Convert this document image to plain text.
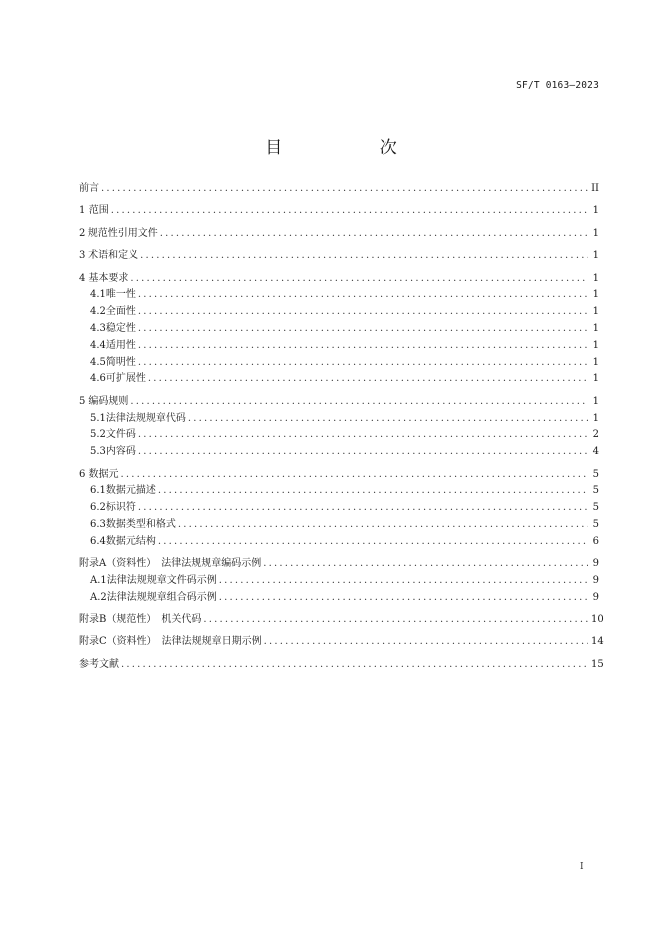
SF/T 0163—2023
目 次
前言 .....	II
1 范围 .....	1
2 规范性引用文件 .....	1
3 术语和定义 .....	1
4 基本要求 .....	1
4.1 唯一性 .....	1
4.2 全面性 .....	1
4.3 稳定性 .....	1
4.4 适用性 .....	1
4.5 简明性 .....	1
4.6 可扩展性 .....	1
5 编码规则 .....	1
5.1 法律法规规章代码 .....	1
5.2 文件码 .....	2
5.3 内容码 .....	4
6 数据元 .....	5
6.1 数据元描述 .....	5
6.2 标识符 .....	5
6.3 数据类型和格式 .....	5
6.4 数据元结构 .....	6
附录A（资料性）　法律法规规章编码示例 .....	9
A.1 法律法规规章文件码示例 .....	9
A.2 法律法规规章组合码示例 .....	9
附录B（规范性）　机关代码 .....	10
附录C（资料性）　法律法规规章日期示例 .....	14
参考文献 .....	15
I
